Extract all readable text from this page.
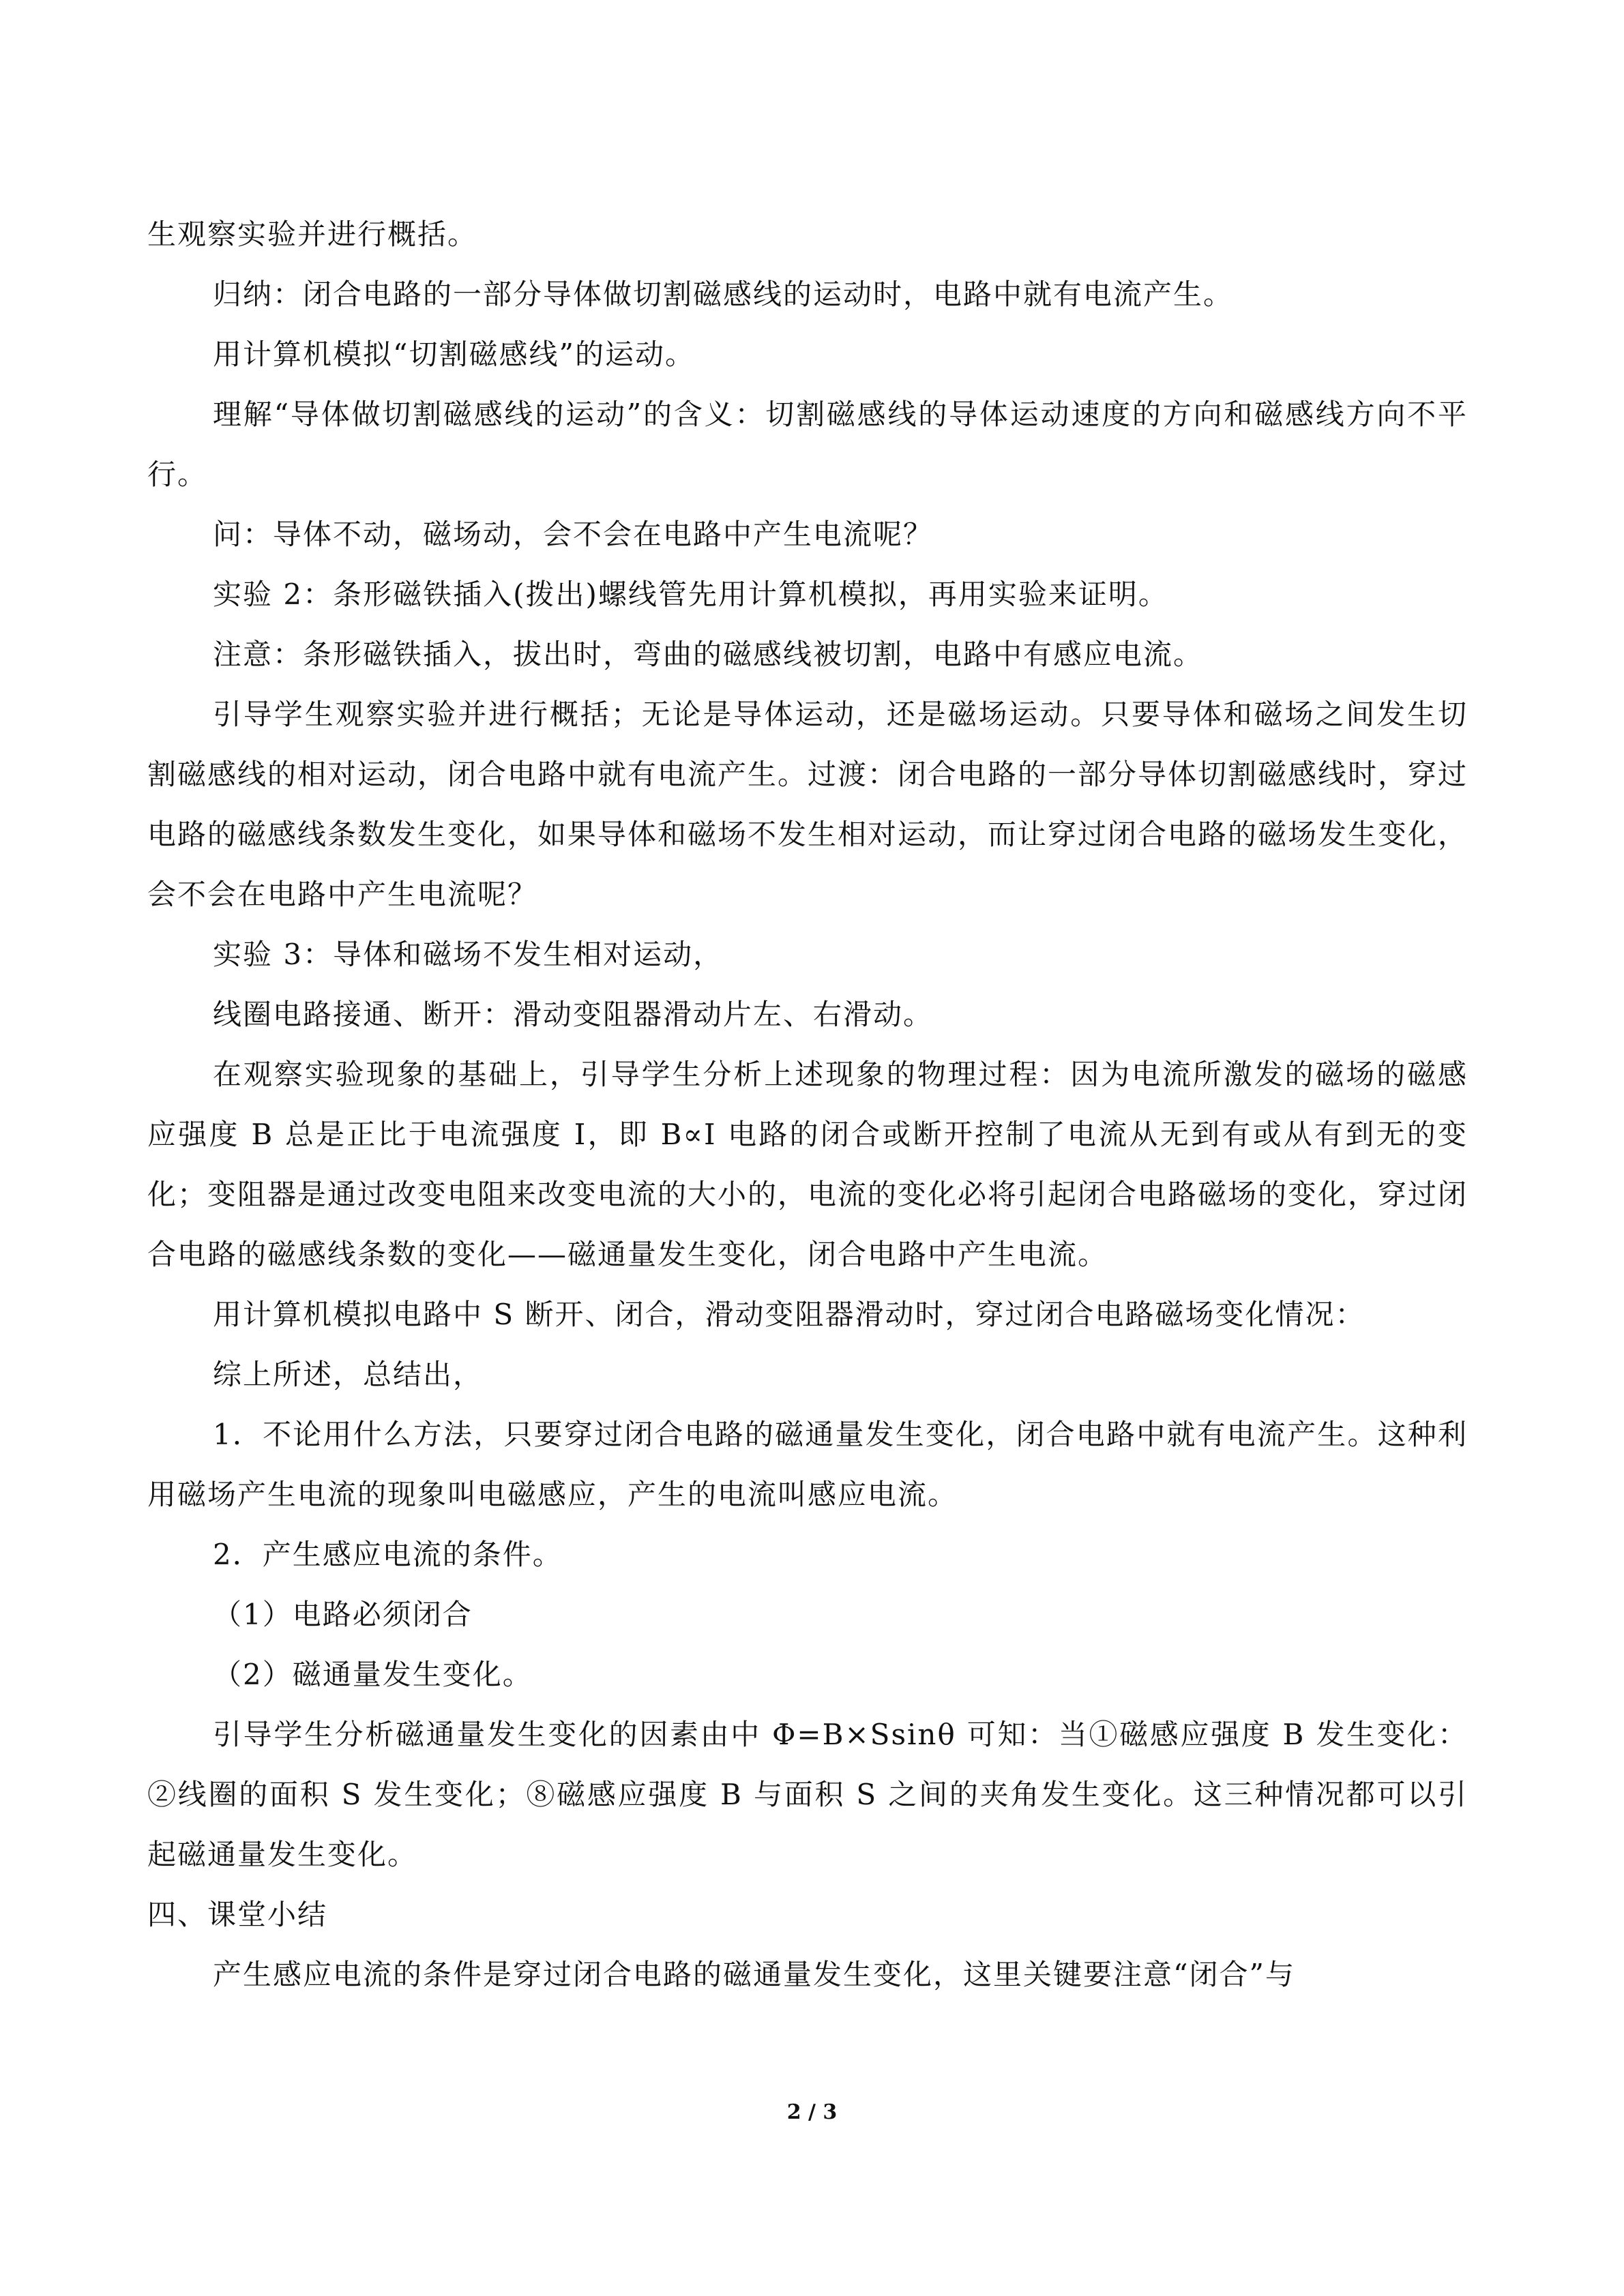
生观察实验并进行概括。

归纳：闭合电路的一部分导体做切割磁感线的运动时，电路中就有电流产生。

用计算机模拟“切割磁感线”的运动。

理解“导体做切割磁感线的运动”的含义：切割磁感线的导体运动速度的方向和磁感线方向不平行。

问：导体不动，磁场动，会不会在电路中产生电流呢？

实验 2：条形磁铁插入(拨出)螺线管先用计算机模拟，再用实验来证明。

注意：条形磁铁插入，拔出时，弯曲的磁感线被切割，电路中有感应电流。

引导学生观察实验并进行概括；无论是导体运动，还是磁场运动。只要导体和磁场之间发生切割磁感线的相对运动，闭合电路中就有电流产生。过渡：闭合电路的一部分导体切割磁感线时，穿过电路的磁感线条数发生变化，如果导体和磁场不发生相对运动，而让穿过闭合电路的磁场发生变化，会不会在电路中产生电流呢？

实验 3：导体和磁场不发生相对运动，

线圈电路接通、断开：滑动变阻器滑动片左、右滑动。

在观察实验现象的基础上，引导学生分析上述现象的物理过程：因为电流所激发的磁场的磁感应强度 B 总是正比于电流强度 I，即 B∝I 电路的闭合或断开控制了电流从无到有或从有到无的变化；变阻器是通过改变电阻来改变电流的大小的，电流的变化必将引起闭合电路磁场的变化，穿过闭合电路的磁感线条数的变化——磁通量发生变化，闭合电路中产生电流。

用计算机模拟电路中 S 断开、闭合，滑动变阻器滑动时，穿过闭合电路磁场变化情况：

综上所述，总结出，

1．不论用什么方法，只要穿过闭合电路的磁通量发生变化，闭合电路中就有电流产生。这种利用磁场产生电流的现象叫电磁感应，产生的电流叫感应电流。

2．产生感应电流的条件。

（1）电路必须闭合

（2）磁通量发生变化。

引导学生分析磁通量发生变化的因素由中 Φ=B×Ssinθ 可知：当①磁感应强度 B 发生变化：②线圈的面积 S 发生变化；⑧磁感应强度 B 与面积 S 之间的夹角发生变化。这三种情况都可以引起磁通量发生变化。

四、课堂小结

产生感应电流的条件是穿过闭合电路的磁通量发生变化，这里关键要注意“闭合”与

2 / 3
